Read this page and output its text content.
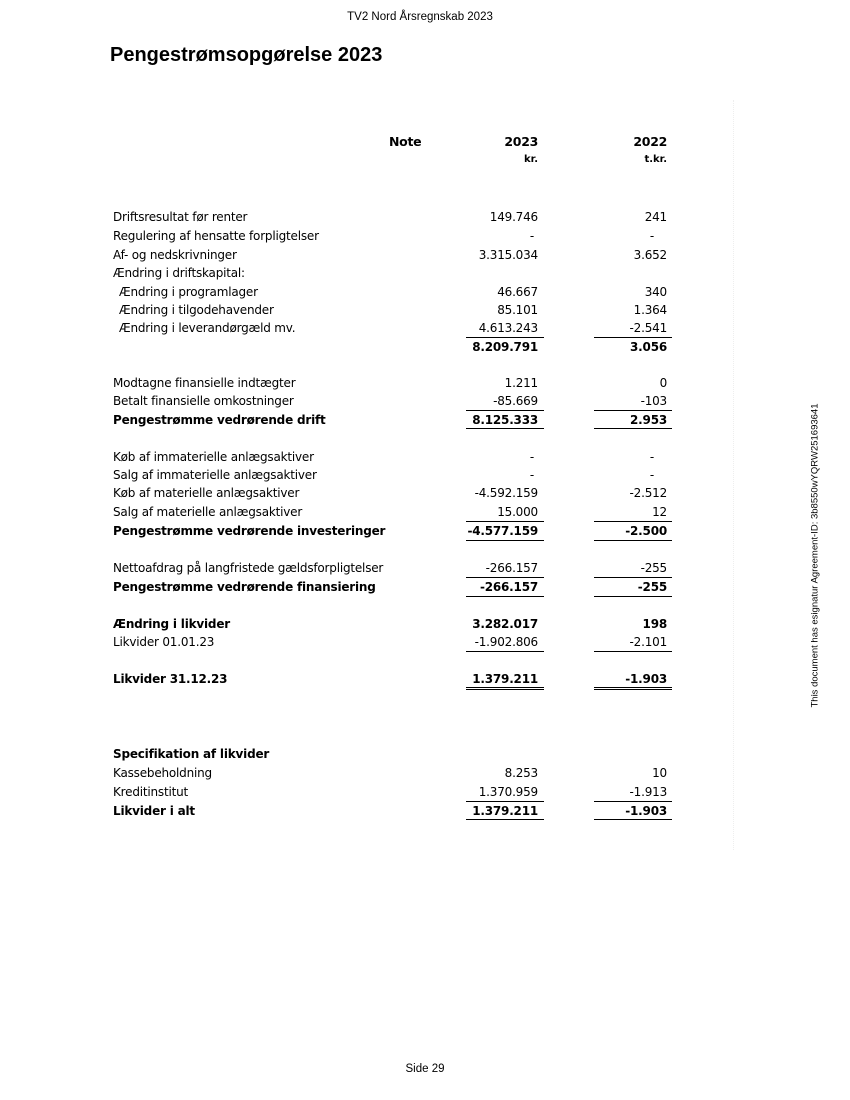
TV2 Nord Årsregnskab 2023
Pengestrømsopgørelse 2023
Note	2023	2022
kr.	t.kr.
Driftsresultat før renter	149.746	241
Regulering af hensatte forpligtelser	-	-
Af- og nedskrivninger	3.315.034	3.652
Ændring i driftskapital:
Ændring i programlager	46.667	340
Ændring i tilgodehavender	85.101	1.364
Ændring i leverandørgæld mv.	4.613.243	-2.541
8.209.791	3.056
Modtagne finansielle indtægter	1.211	0
Betalt finansielle omkostninger	-85.669	-103
Pengestrømme vedrørende drift	8.125.333	2.953
Køb af immaterielle anlægsaktiver	-	-
Salg af immaterielle anlægsaktiver	-	-
Køb af materielle anlægsaktiver	-4.592.159	-2.512
Salg af materielle anlægsaktiver	15.000	12
Pengestrømme vedrørende investeringer	-4.577.159	-2.500
Nettoafdrag på langfristede gældsforpligtelser	-266.157	-255
Pengestrømme vedrørende finansiering	-266.157	-255
Ændring i likvider	3.282.017	198
Likvider 01.01.23	-1.902.806	-2.101
Likvider 31.12.23	1.379.211	-1.903
Specifikation af likvider
Kassebeholdning	8.253	10
Kreditinstitut	1.370.959	-1.913
Likvider i alt	1.379.211	-1.903
This document has esignatur Agreement-ID: 3b8550wYQRW251693641
Side 29
